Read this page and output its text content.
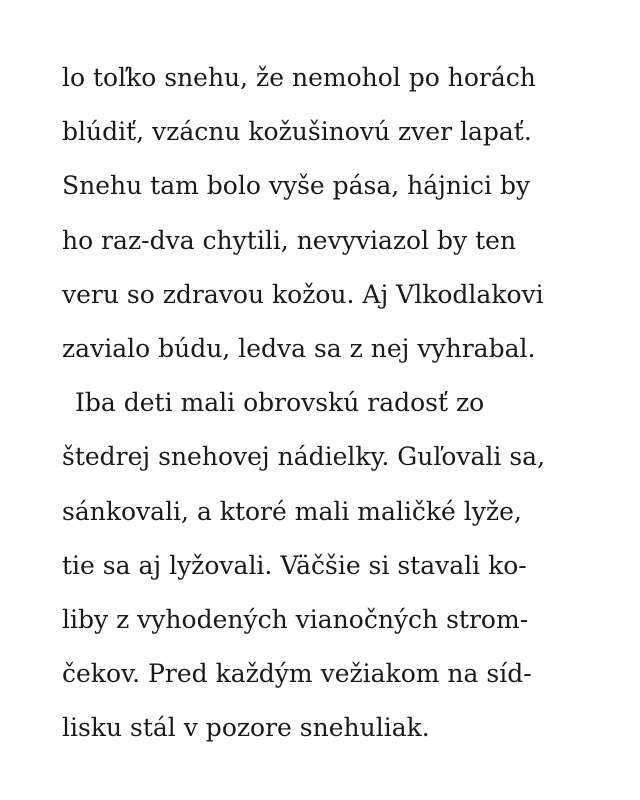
lo toľko snehu, že nemohol po horách
blúdiť, vzácnu kožušinovú zver lapať.
Snehu tam bolo vyše pása, hájnici by
ho raz-dva chytili, nevyviazol by ten
veru so zdravou kožou. Aj Vlkodlakovi
zavialo búdu, ledva sa z nej vyhrabal.
Iba deti mali obrovskú radosť zo
štedrej snehovej nádielky. Guľovali sa,
sánkovali, a ktoré mali maličké lyže,
tie sa aj lyžovali. Väčšie si stavali ko-
liby z vyhodených vianočných strom-
čekov. Pred každým vežiakom na síd-
lisku stál v pozore snehuliak.
